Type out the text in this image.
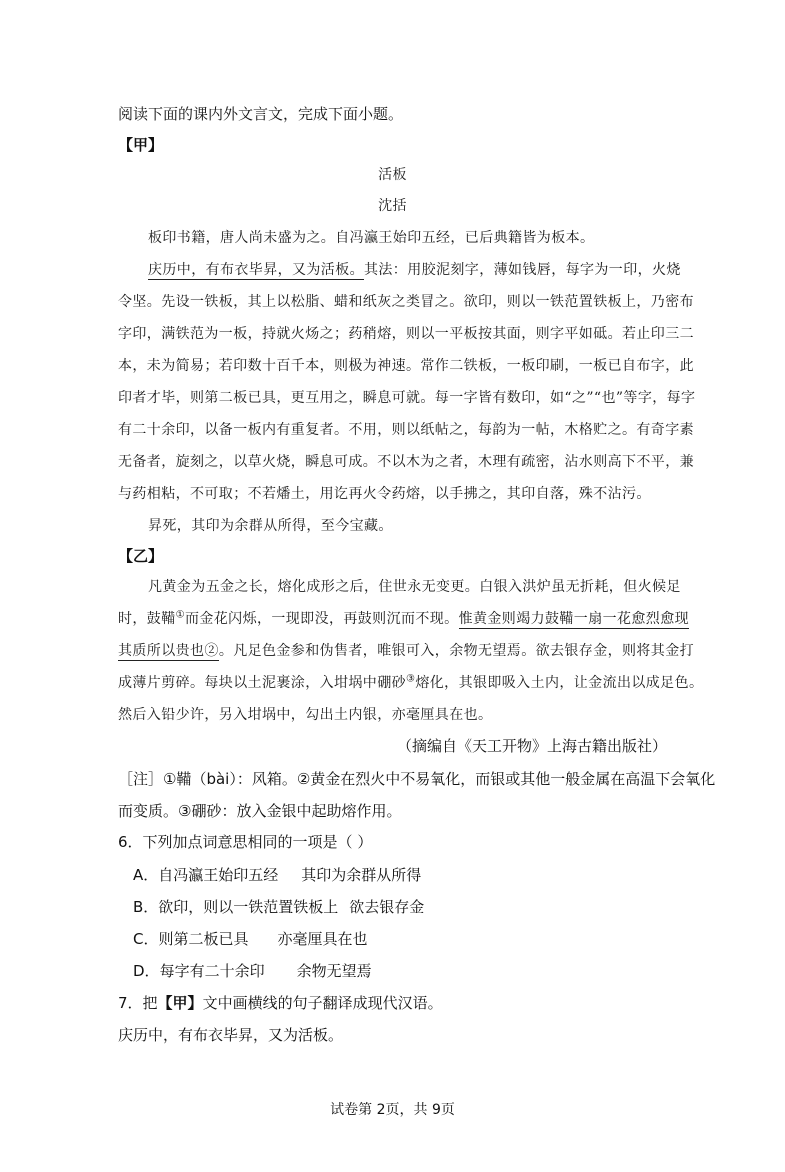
阅读下面的课内外文言文，完成下面小题。
【甲】
活板
沈括
板印书籍，唐人尚未盛为之。自冯瀛王始印五经，已后典籍皆为板本。
庆历中，有布衣毕昇，又为活板。其法：用胶泥刻字，薄如钱唇，每字为一印，火烧
令坚。先设一铁板，其上以松脂、蜡和纸灰之类冒之。欲印，则以一铁范置铁板上，乃密布
字印，满铁范为一板，持就火炀之；药稍熔，则以一平板按其面，则字平如砥。若止印三二
本，未为简易；若印数十百千本，则极为神速。常作二铁板，一板印刷，一板已自布字，此
印者才毕，则第二板已具，更互用之，瞬息可就。每一字皆有数印，如“之”“也”等字，每字
有二十余印，以备一板内有重复者。不用，则以纸帖之，每韵为一帖，木格贮之。有奇字素
无备者，旋刻之，以草火烧，瞬息可成。不以木为之者，木理有疏密，沾水则高下不平，兼
与药相粘，不可取；不若燔土，用讫再火令药熔，以手拂之，其印自落，殊不沾污。
昇死，其印为余群从所得，至今宝藏。
【乙】
凡黄金为五金之长，熔化成形之后，住世永无变更。白银入洪炉虽无折耗，但火候足
时，鼓鞴①而金花闪烁，一现即没，再鼓则沉而不现。惟黄金则竭力鼓鞴一扇一花愈烈愈现
其质所以贵也②。凡足色金参和伪售者，唯银可入，余物无望焉。欲去银存金，则将其金打
成薄片剪碎。每块以土泥裹涂，入坩埚中硼砂③熔化，其银即吸入土内，让金流出以成足色。
然后入铅少许，另入坩埚中，勾出土内银，亦毫厘具在也。
（摘编自《天工开物》上海古籍出版社）
［注］①鞴（bài）：风箱。②黄金在烈火中不易氧化，而银或其他一般金属在高温下会氧化
而变质。③硼砂：放入金银中起助熔作用。
6．下列加点词意思相同的一项是（ ）
A．自冯瀛王始印五经 其印为余群从所得
B．欲印，则以一铁范置铁板上 欲去银存金
C．则第二板已具 亦毫厘具在也
D．每字有二十余印 余物无望焉
7．把【甲】文中画横线的句子翻译成现代汉语。
庆历中，有布衣毕昇，又为活板。
试卷第 2页，共 9页
